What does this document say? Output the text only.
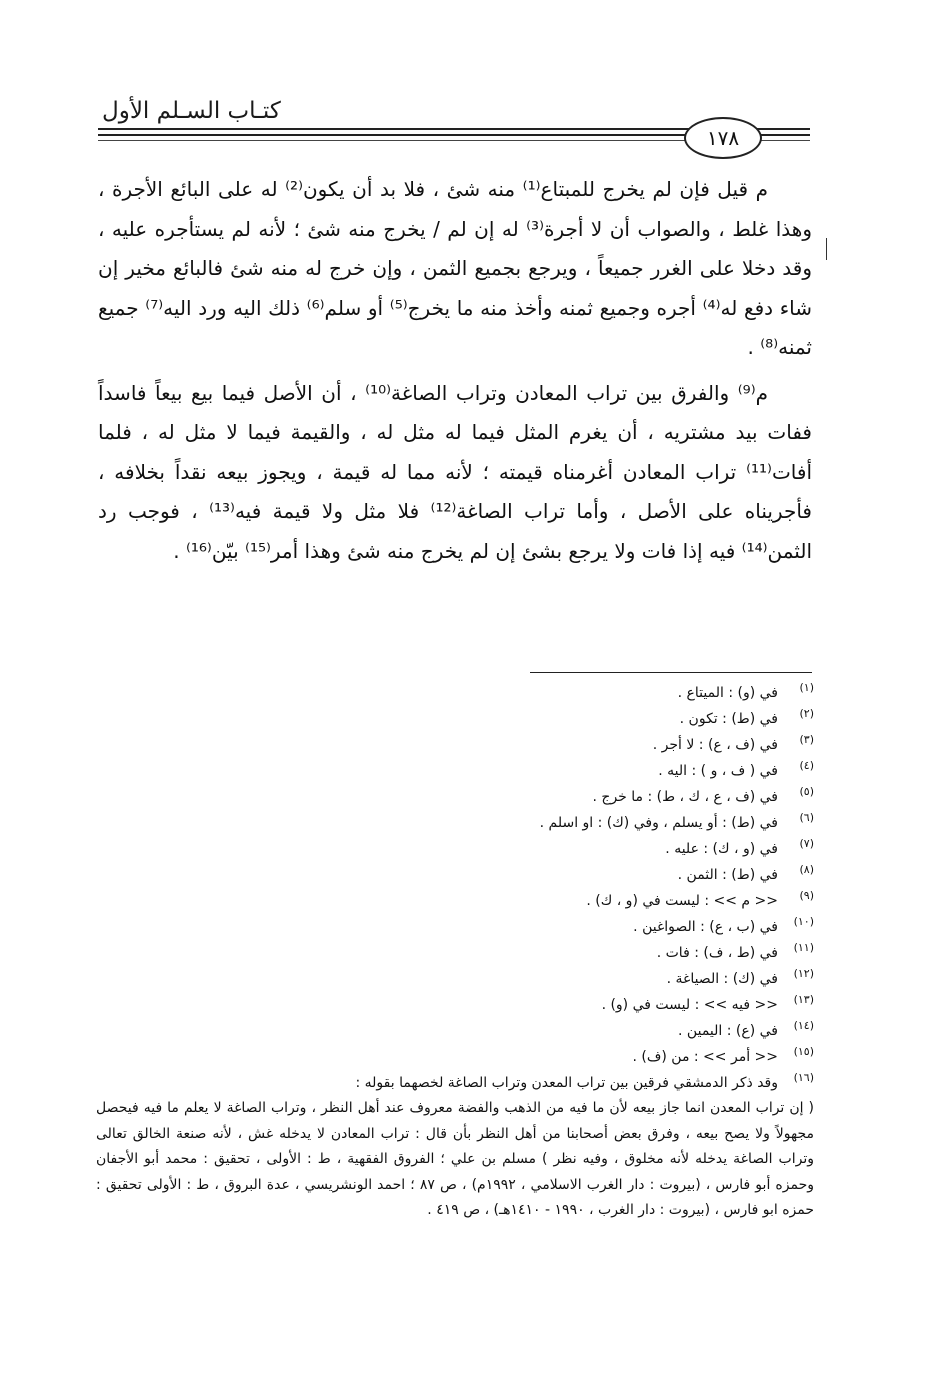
كتـاب السـلم الأول
١٧٨

م قيل فإن لم يخرج للمبتاع⁽¹⁾ منه شئ ، فلا بد أن يكون⁽²⁾ له على البائع الأجرة ، وهذا غلط ، والصواب أن لا أجرة⁽³⁾ له إن لم / يخرج منه شئ ؛ لأنه لم يستأجره عليه ، وقد دخلا على الغرر جميعاً ، ويرجع بجميع الثمن ، وإن خرج له منه شئ فالبائع مخير إن شاء دفع له⁽⁴⁾ أجره وجميع ثمنه وأخذ منه ما يخرج⁽⁵⁾ أو سلم⁽⁶⁾ ذلك اليه ورد اليه⁽⁷⁾ جميع ثمنه⁽⁸⁾ .

م⁽⁹⁾ والفرق بين تراب المعادن وتراب الصاغة⁽¹⁰⁾ ، أن الأصل فيما بيع بيعاً فاسداً ففات بيد مشتريه ، أن يغرم المثل فيما له مثل له ، والقيمة فيما لا مثل له ، فلما أفات⁽¹¹⁾ تراب المعادن أغرمناه قيمته ؛ لأنه مما له قيمة ، ويجوز بيعه نقداً بخلافه ، فأجريناه على الأصل ، وأما تراب الصاغة⁽¹²⁾ فلا مثل ولا قيمة فيه⁽¹³⁾ ، فوجب رد الثمن⁽¹⁴⁾ فيه إذا فات ولا يرجع بشئ إن لم يخرج منه شئ وهذا أمر⁽¹⁵⁾ بيّن⁽¹⁶⁾ .

(١)
في (و) : الميتاع .
(٢)
في (ط) : تكون .
(٣)
في (ف ، ع) : لا أجر .
(٤)
في ( ف ، و ) : اليه .
(٥)
في (ف ، ع ، ك ، ط) : ما خرج .
(٦)
في (ط) : أو يسلم ، وفي (ك) : او اسلم .
(٧)
في (و ، ك) : عليه .
(٨)
في (ط) : الثمن .
(٩)
<< م >> : ليست في (و ، ك) .
(١٠)
في (ب ، ع) : الصواغين .
(١١)
في (ط ، ف) : فات .
(١٢)
في (ك) : الصياغة .
(١٣)
<< فيه >> : ليست في (و) .
(١٤)
في (ع) : اليمين .
(١٥)
<< أمر >> : من (ف) .
(١٦)
وقد ذكر الدمشقي فرقين بين تراب المعدن وتراب الصاغة لخصهما بقوله :
( إن تراب المعدن انما جاز بيعه لأن ما فيه من الذهب والفضة معروف عند أهل النظر ، وتراب الصاغة لا يعلم ما فيه فيحصل مجهولاً ولا يصح بيعه ، وفرق بعض أصحابنا من أهل النظر بأن قال : تراب المعادن لا يدخله غش ، لأنه صنعة الخالق تعالى وتراب الصاغة يدخله لأنه مخلوق ، وفيه نظر ) مسلم بن علي ؛ الفروق الفقهية ، ط : الأولى ، تحقيق : محمد أبو الأجفان وحمزه أبو فارس ، (بيروت : دار الغرب الاسلامي ، ١٩٩٢م) ، ص ٨٧ ؛ احمد الونشريسي ، عدة البروق ، ط : الأولى تحقيق : حمزه ابو فارس ، (بيروت : دار الغرب ، ١٩٩٠ - ١٤١٠هـ) ، ص ٤١٩ .
